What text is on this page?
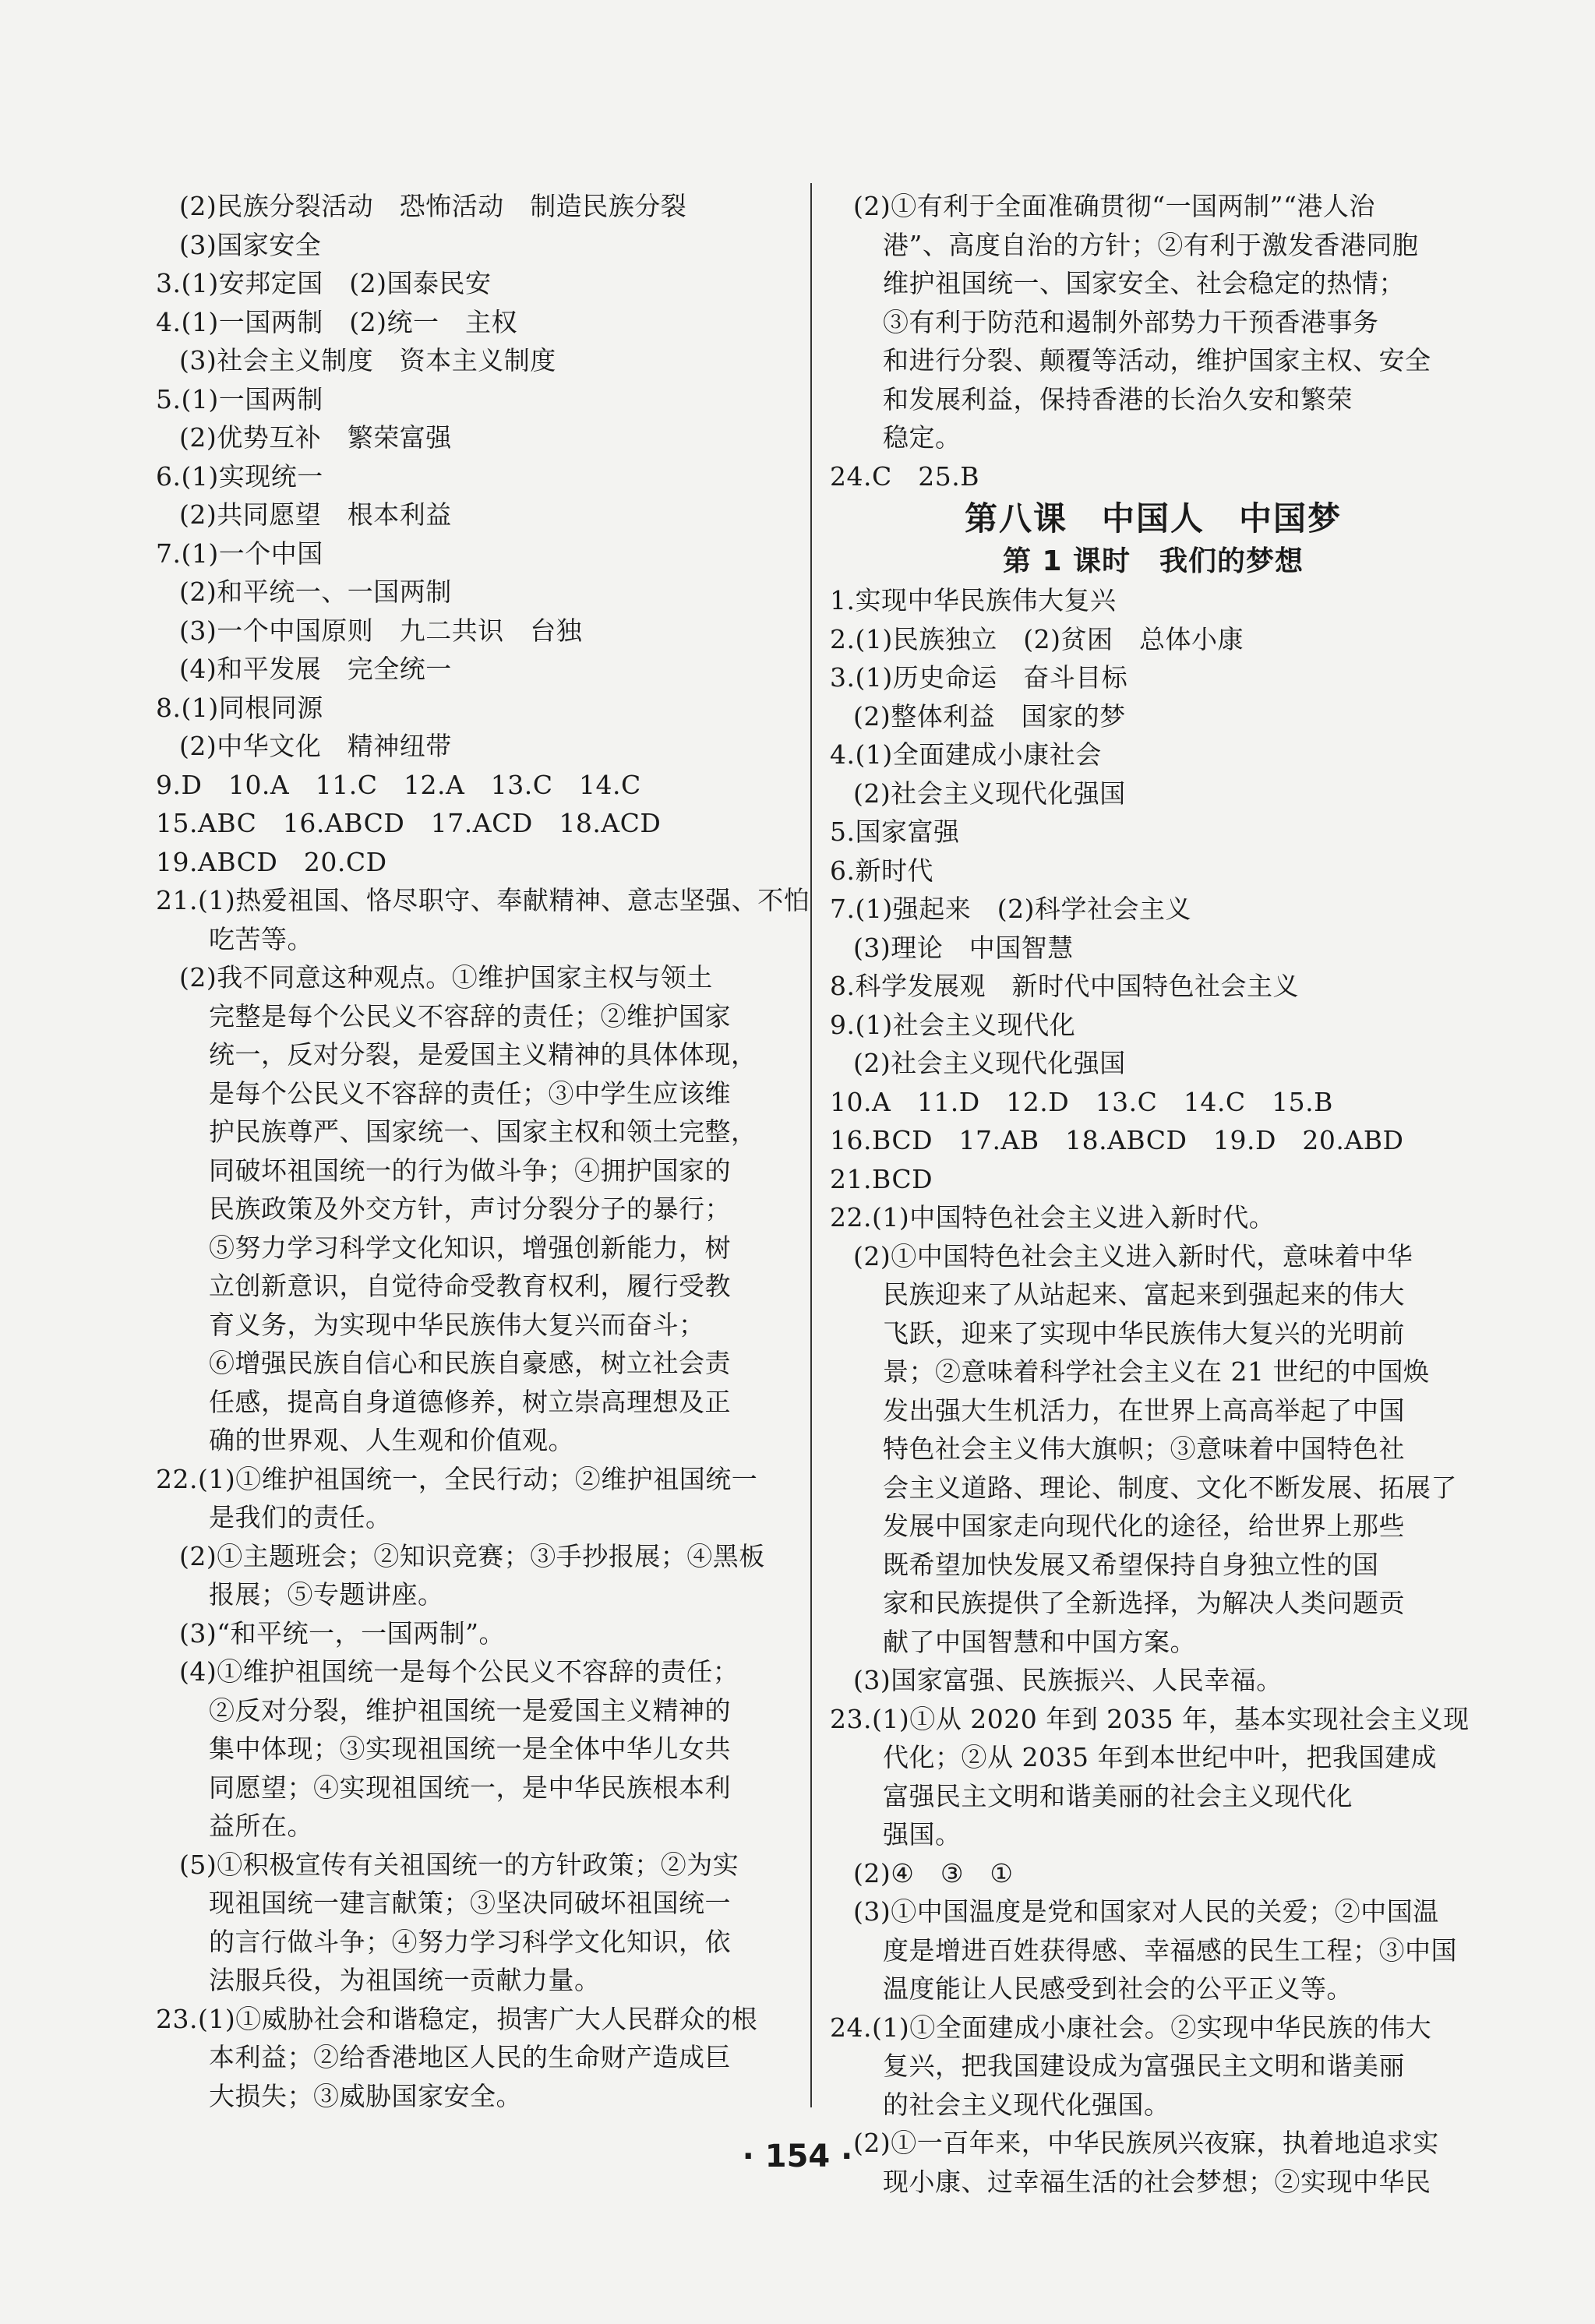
(2)民族分裂活动　恐怖活动　制造民族分裂
(3)国家安全
3.(1)安邦定国　(2)国泰民安
4.(1)一国两制　(2)统一　主权
(3)社会主义制度　资本主义制度
5.(1)一国两制
(2)优势互补　繁荣富强
6.(1)实现统一
(2)共同愿望　根本利益
7.(1)一个中国
(2)和平统一、一国两制
(3)一个中国原则　九二共识　台独
(4)和平发展　完全统一
8.(1)同根同源
(2)中华文化　精神纽带
9.D　10.A　11.C　12.A　13.C　14.C
15.ABC　16.ABCD　17.ACD　18.ACD
19.ABCD　20.CD
21.(1)热爱祖国、恪尽职守、奉献精神、意志坚强、不怕
吃苦等。
(2)我不同意这种观点。①维护国家主权与领土
完整是每个公民义不容辞的责任；②维护国家
统一，反对分裂，是爱国主义精神的具体体现，
是每个公民义不容辞的责任；③中学生应该维
护民族尊严、国家统一、国家主权和领土完整，
同破坏祖国统一的行为做斗争；④拥护国家的
民族政策及外交方针，声讨分裂分子的暴行；
⑤努力学习科学文化知识，增强创新能力，树
立创新意识，自觉待命受教育权利，履行受教
育义务，为实现中华民族伟大复兴而奋斗；
⑥增强民族自信心和民族自豪感，树立社会责
任感，提高自身道德修养，树立崇高理想及正
确的世界观、人生观和价值观。
22.(1)①维护祖国统一，全民行动；②维护祖国统一
是我们的责任。
(2)①主题班会；②知识竞赛；③手抄报展；④黑板
报展；⑤专题讲座。
(3)“和平统一，一国两制”。
(4)①维护祖国统一是每个公民义不容辞的责任；
②反对分裂，维护祖国统一是爱国主义精神的
集中体现；③实现祖国统一是全体中华儿女共
同愿望；④实现祖国统一，是中华民族根本利
益所在。
(5)①积极宣传有关祖国统一的方针政策；②为实
现祖国统一建言献策；③坚决同破坏祖国统一
的言行做斗争；④努力学习科学文化知识，依
法服兵役，为祖国统一贡献力量。
23.(1)①威胁社会和谐稳定，损害广大人民群众的根
本利益；②给香港地区人民的生命财产造成巨
大损失；③威胁国家安全。
(2)①有利于全面准确贯彻“一国两制”“港人治
港”、高度自治的方针；②有利于激发香港同胞
维护祖国统一、国家安全、社会稳定的热情；
③有利于防范和遏制外部势力干预香港事务
和进行分裂、颠覆等活动，维护国家主权、安全
和发展利益，保持香港的长治久安和繁荣
稳定。
24.C　25.B
第八课　中国人　中国梦
第 1 课时　我们的梦想
1.实现中华民族伟大复兴
2.(1)民族独立　(2)贫困　总体小康
3.(1)历史命运　奋斗目标
(2)整体利益　国家的梦
4.(1)全面建成小康社会
(2)社会主义现代化强国
5.国家富强
6.新时代
7.(1)强起来　(2)科学社会主义
(3)理论　中国智慧
8.科学发展观　新时代中国特色社会主义
9.(1)社会主义现代化
(2)社会主义现代化强国
10.A　11.D　12.D　13.C　14.C　15.B
16.BCD　17.AB　18.ABCD　19.D　20.ABD
21.BCD
22.(1)中国特色社会主义进入新时代。
(2)①中国特色社会主义进入新时代，意味着中华
民族迎来了从站起来、富起来到强起来的伟大
飞跃，迎来了实现中华民族伟大复兴的光明前
景；②意味着科学社会主义在 21 世纪的中国焕
发出强大生机活力，在世界上高高举起了中国
特色社会主义伟大旗帜；③意味着中国特色社
会主义道路、理论、制度、文化不断发展、拓展了
发展中国家走向现代化的途径，给世界上那些
既希望加快发展又希望保持自身独立性的国
家和民族提供了全新选择，为解决人类问题贡
献了中国智慧和中国方案。
(3)国家富强、民族振兴、人民幸福。
23.(1)①从 2020 年到 2035 年，基本实现社会主义现
代化；②从 2035 年到本世纪中叶，把我国建成
富强民主文明和谐美丽的社会主义现代化
强国。
(2)④　③　①
(3)①中国温度是党和国家对人民的关爱；②中国温
度是增进百姓获得感、幸福感的民生工程；③中国
温度能让人民感受到社会的公平正义等。
24.(1)①全面建成小康社会。②实现中华民族的伟大
复兴，把我国建设成为富强民主文明和谐美丽
的社会主义现代化强国。
(2)①一百年来，中华民族夙兴夜寐，执着地追求实
现小康、过幸福生活的社会梦想；②实现中华民
· 154 ·
